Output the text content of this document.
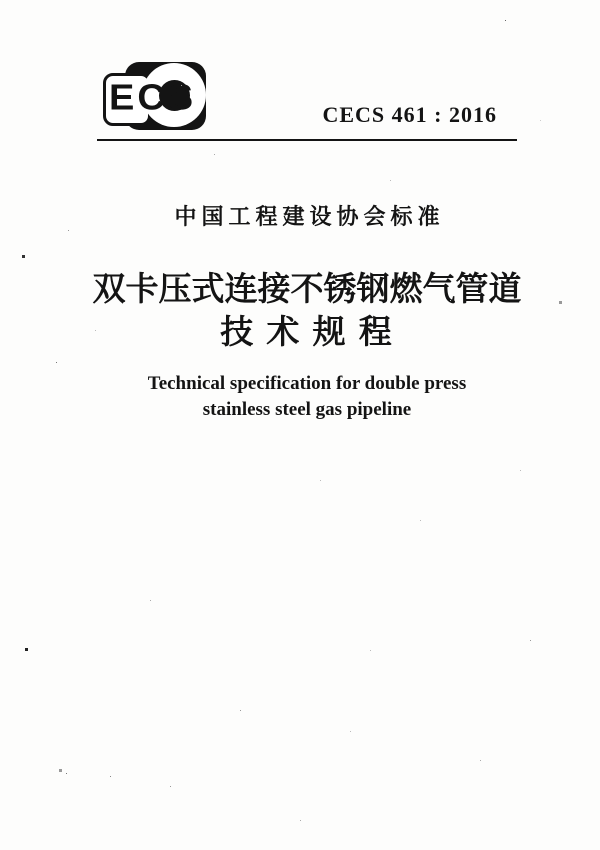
ECS	CECS 461 : 2016
中国工程建设协会标准
双卡压式连接不锈钢燃气管道
技 术 规 程
Technical specification for double press
stainless steel gas pipeline
